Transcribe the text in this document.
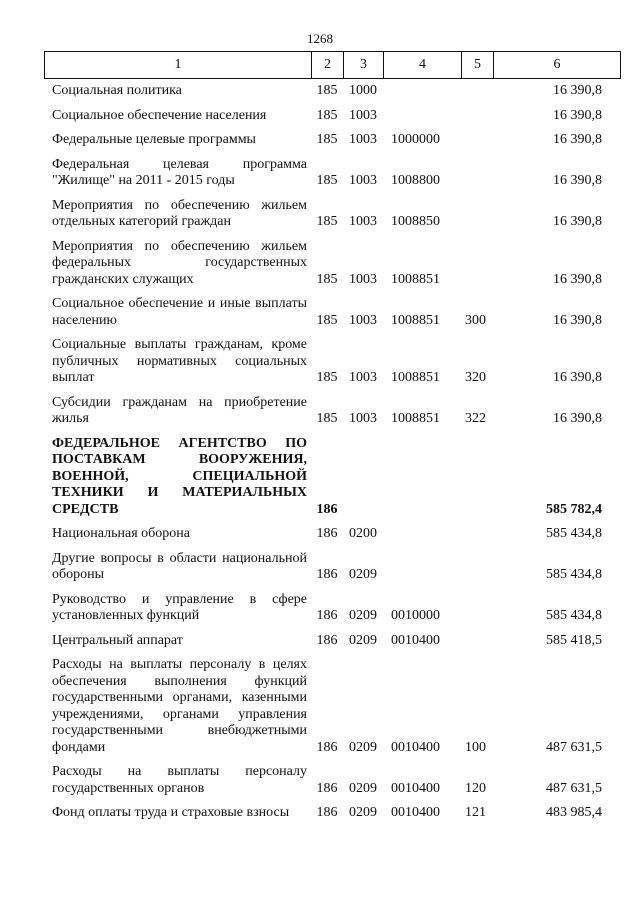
1268
1	2	3	4	5	6
Социальная политика	185	1000			16 390,8

Социальное обеспечение населения	185	1003			16 390,8

Федеральные целевые программы	185	1003	1000000		16 390,8

Федеральная целевая программа "Жилище" на 2011 - 2015 годы	185	1003	1008800		16 390,8

Мероприятия по обеспечению жильем отдельных категорий граждан	185	1003	1008850		16 390,8

Мероприятия по обеспечению жильем федеральных государственных гражданских служащих	185	1003	1008851		16 390,8

Социальное обеспечение и иные выплаты населению	185	1003	1008851	300	16 390,8

Социальные выплаты гражданам, кроме публичных нормативных социальных выплат	185	1003	1008851	320	16 390,8

Субсидии гражданам на приобретение жилья	185	1003	1008851	322	16 390,8

ФЕДЕРАЛЬНОЕ АГЕНТСТВО ПО ПОСТАВКАМ ВООРУЖЕНИЯ, ВОЕННОЙ, СПЕЦИАЛЬНОЙ ТЕХНИКИ И МАТЕРИАЛЬНЫХ СРЕДСТВ	186				585 782,4

Национальная оборона	186	0200			585 434,8

Другие вопросы в области национальной обороны	186	0209			585 434,8

Руководство и управление в сфере установленных функций	186	0209	0010000		585 434,8

Центральный аппарат	186	0209	0010400		585 418,5

Расходы на выплаты персоналу в целях обеспечения выполнения функций государственными органами, казенными учреждениями, органами управления государственными внебюджетными фондами	186	0209	0010400	100	487 631,5

Расходы на выплаты персоналу государственных органов	186	0209	0010400	120	487 631,5

Фонд оплаты труда и страховые взносы	186	0209	0010400	121	483 985,4
